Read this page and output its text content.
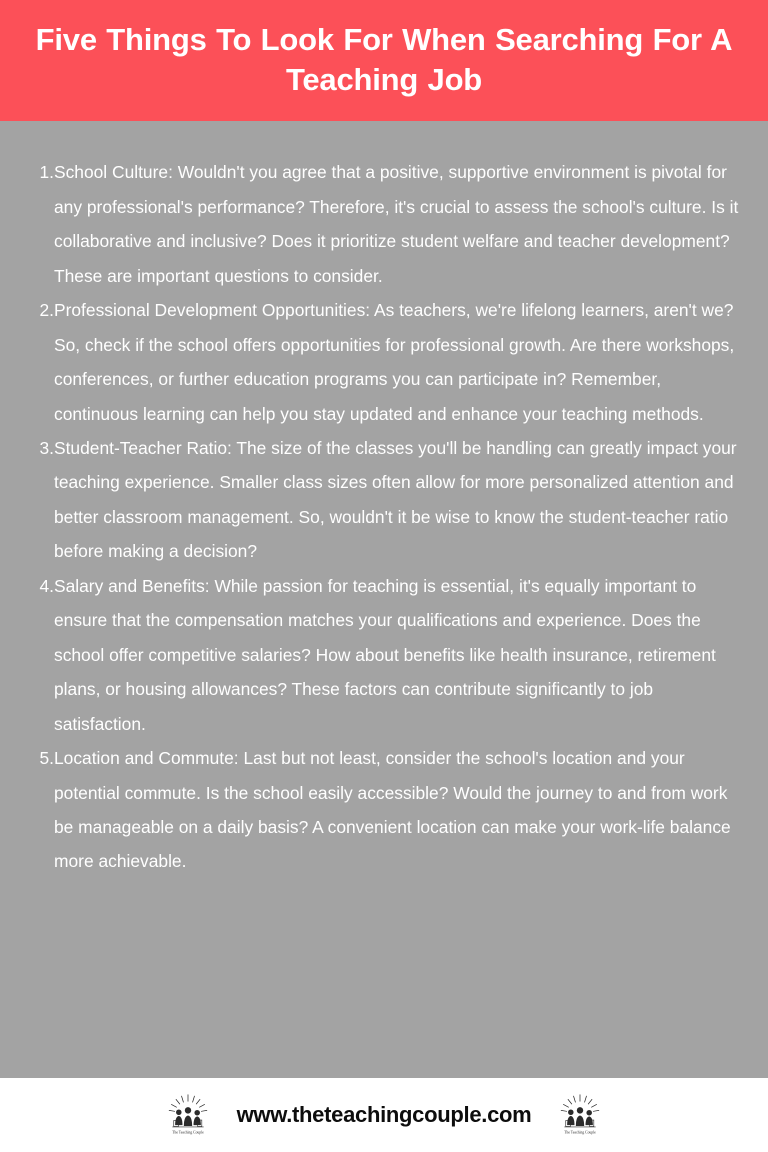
Five Things To Look For When Searching For A Teaching Job
School Culture: Wouldn't you agree that a positive, supportive environment is pivotal for any professional's performance? Therefore, it's crucial to assess the school's culture. Is it collaborative and inclusive? Does it prioritize student welfare and teacher development? These are important questions to consider.
Professional Development Opportunities: As teachers, we're lifelong learners, aren't we? So, check if the school offers opportunities for professional growth. Are there workshops, conferences, or further education programs you can participate in? Remember, continuous learning can help you stay updated and enhance your teaching methods.
Student-Teacher Ratio: The size of the classes you'll be handling can greatly impact your teaching experience. Smaller class sizes often allow for more personalized attention and better classroom management. So, wouldn't it be wise to know the student-teacher ratio before making a decision?
Salary and Benefits: While passion for teaching is essential, it's equally important to ensure that the compensation matches your qualifications and experience. Does the school offer competitive salaries? How about benefits like health insurance, retirement plans, or housing allowances? These factors can contribute significantly to job satisfaction.
Location and Commute: Last but not least, consider the school's location and your potential commute. Is the school easily accessible? Would the journey to and from work be manageable on a daily basis? A convenient location can make your work-life balance more achievable.
The Teaching Couple
www.theteachingcouple.com
The Teaching Couple
